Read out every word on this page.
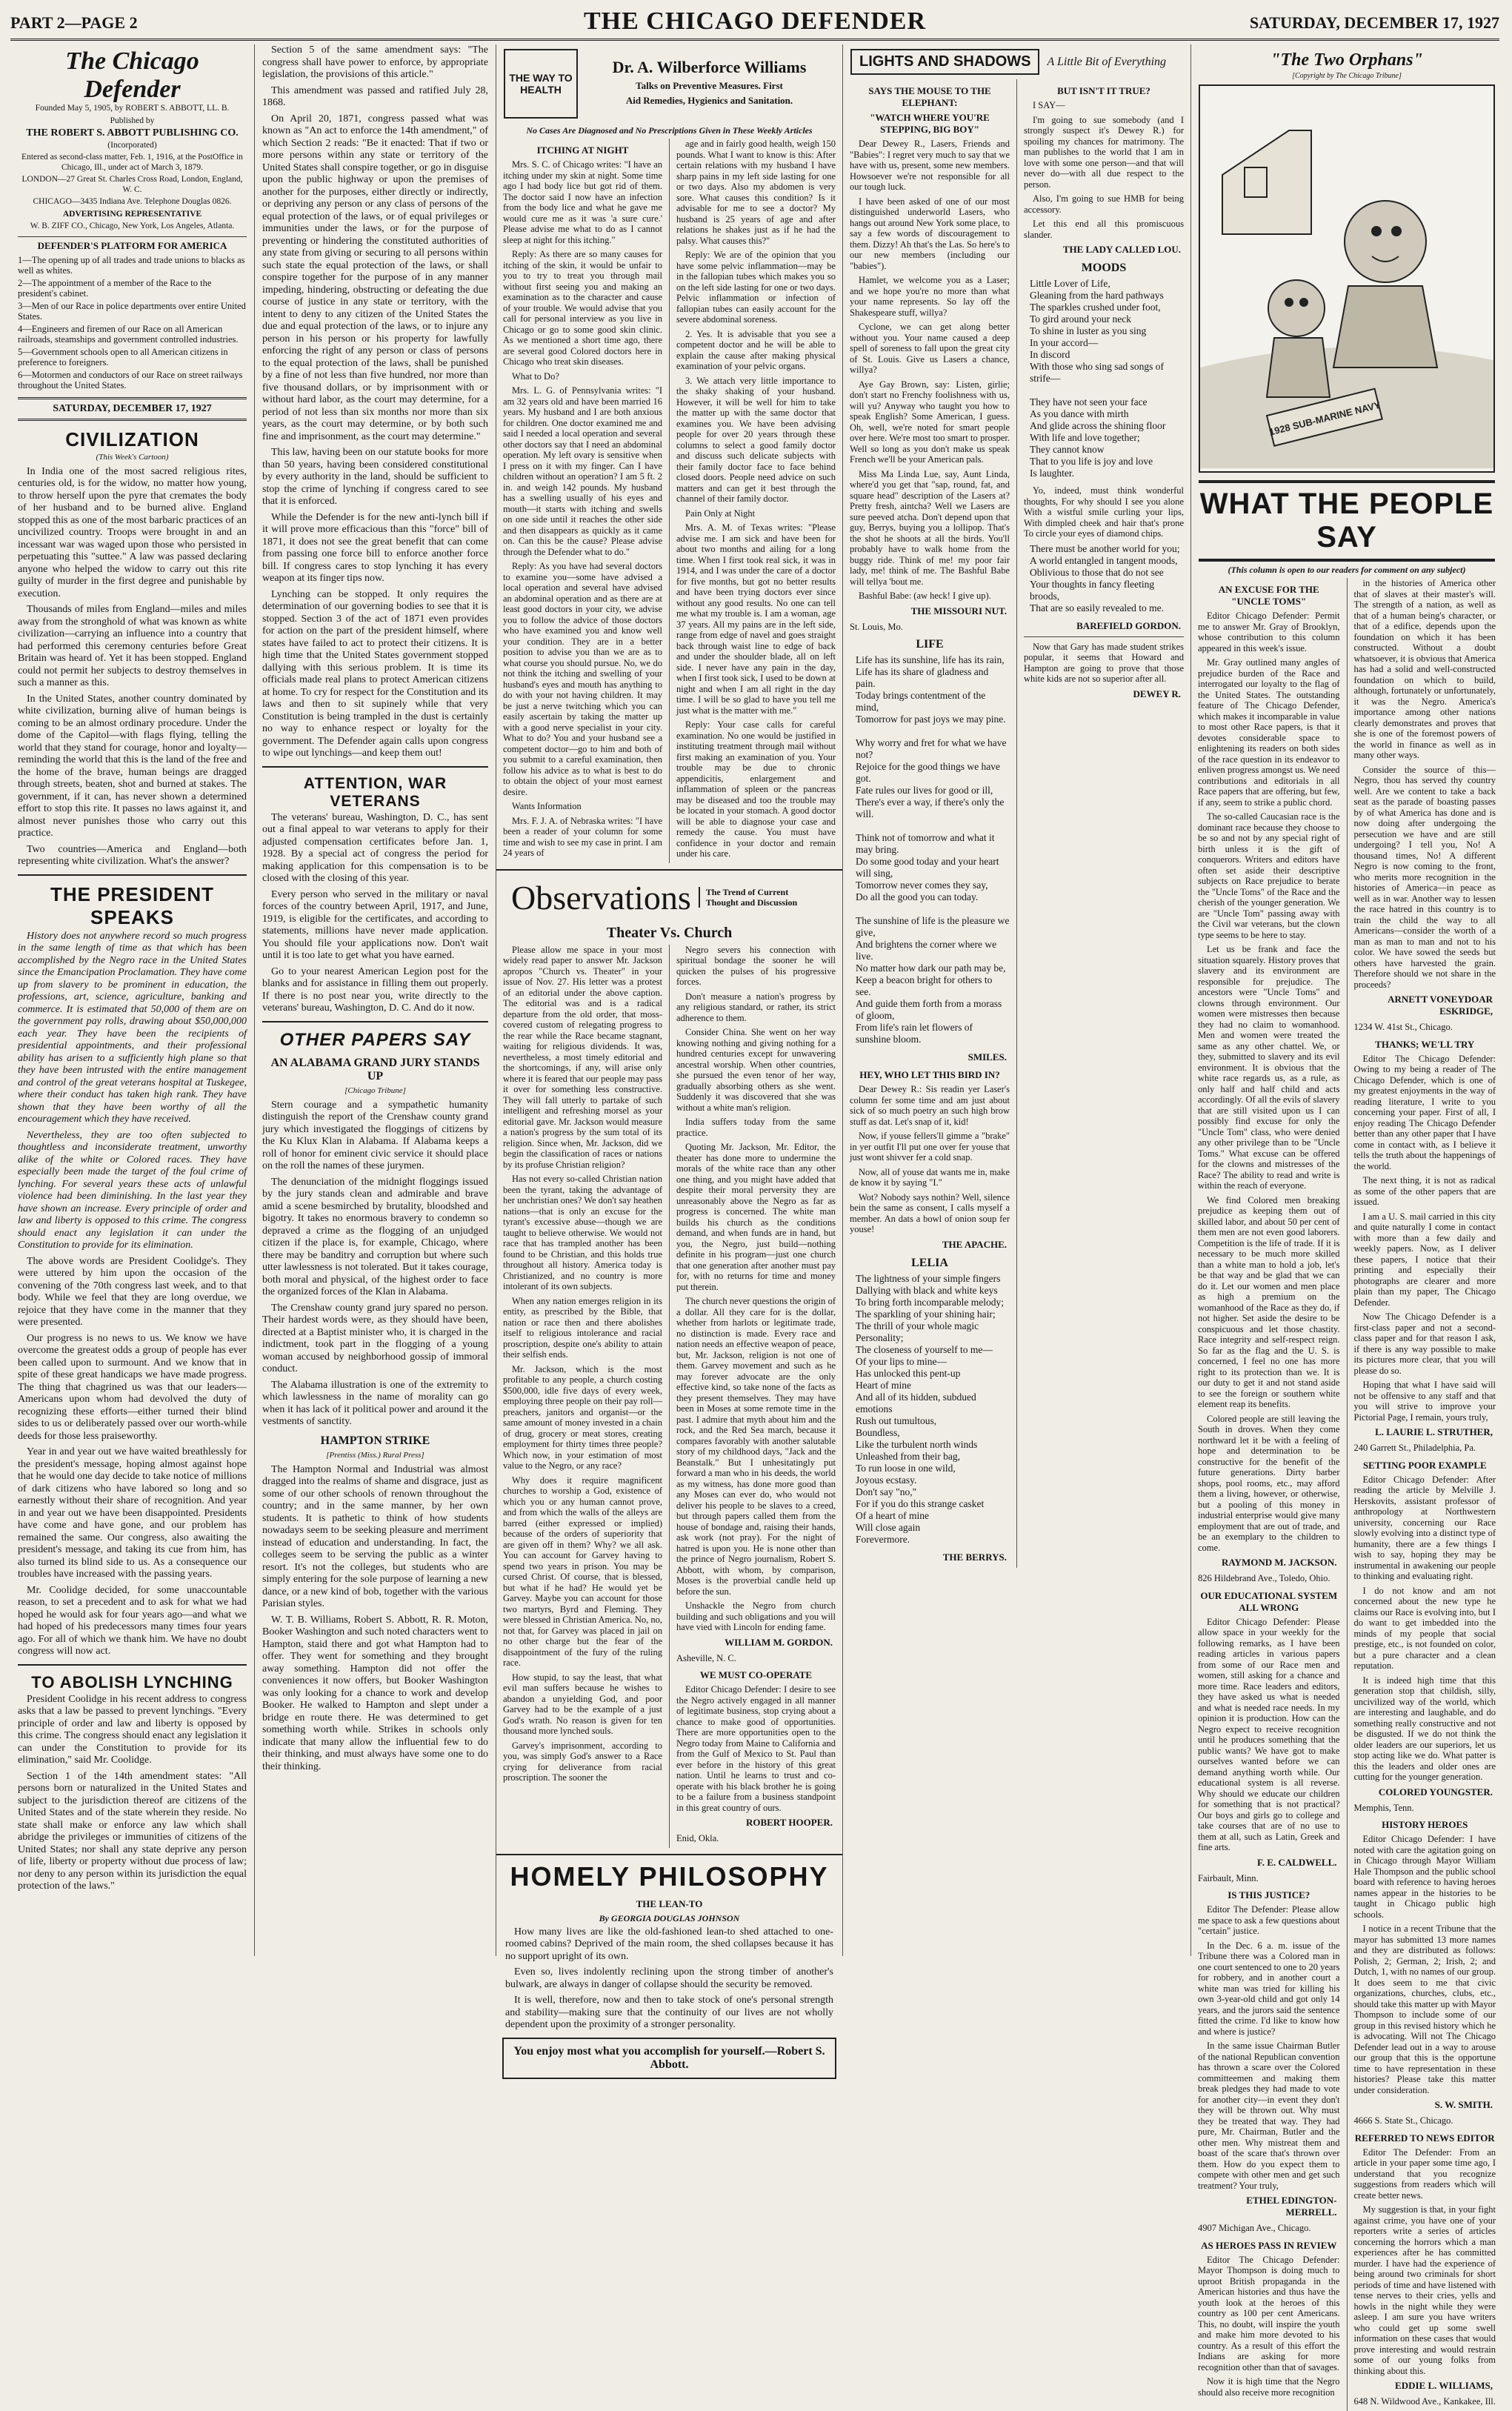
PART 2—PAGE 2	THE CHICAGO DEFENDER	SATURDAY, DECEMBER 17, 1927
The Chicago Defender

Founded May 5, 1905, by ROBERT S. ABBOTT, LL. B.

Published by

THE ROBERT S. ABBOTT PUBLISHING CO.

(Incorporated)

Entered as second-class matter, Feb. 1, 1916, at the PostOffice in Chicago, Ill., under act of March 3, 1879.

LONDON—27 Great St. Charles Cross Road, London, England, W. C.

CHICAGO—3435 Indiana Ave. Telephone Douglas 0826.

ADVERTISING REPRESENTATIVE

W. B. ZIFF CO., Chicago, New York, Los Angeles, Atlanta.

DEFENDER'S PLATFORM FOR AMERICA
1—The opening up of all trades and trade unions to blacks as well as whites.
2—The appointment of a member of the Race to the president's cabinet.
3—Men of our Race in police departments over entire United States.
4—Engineers and firemen of our Race on all American railroads, steamships and government controlled industries.
5—Government schools open to all American citizens in preference to foreigners.
6—Motormen and conductors of our Race on street railways throughout the United States.
SATURDAY, DECEMBER 17, 1927
CIVILIZATION
(This Week's Cartoon)

In India one of the most sacred religious rites, centuries old, is for the widow, no matter how young, to throw herself upon the pyre that cremates the body of her husband and to be burned alive. England stopped this as one of the most barbaric practices of an uncivilized country. Troops were brought in and an incessant war was waged upon those who persisted in perpetuating this "suttee." A law was passed declaring anyone who helped the widow to carry out this rite guilty of murder in the first degree and punishable by execution.

Thousands of miles from England—miles and miles away from the stronghold of what was known as white civilization—carrying an influence into a country that had performed this ceremony centuries before Great Britain was heard of. Yet it has been stopped. England could not permit her subjects to destroy themselves in such a manner as this.

In the United States, another country dominated by white civilization, burning alive of human beings is coming to be an almost ordinary procedure. Under the dome of the Capitol—with flags flying, telling the world that they stand for courage, honor and loyalty—reminding the world that this is the land of the free and the home of the brave, human beings are dragged through streets, beaten, shot and burned at stakes. The government, if it can, has never shown a determined effort to stop this rite. It passes no laws against it, and almost never punishes those who carry out this practice.

Two countries—America and England—both representing white civilization. What's the answer?

THE PRESIDENT SPEAKS

History does not anywhere record so much progress in the same length of time as that which has been accomplished by the Negro race in the United States since the Emancipation Proclamation. They have come up from slavery to be prominent in education, the professions, art, science, agriculture, banking and commerce. It is estimated that 50,000 of them are on the government pay rolls, drawing about $50,000,000 each year. They have been the recipients of presidential appointments, and their professional ability has arisen to a sufficiently high plane so that they have been intrusted with the entire management and control of the great veterans hospital at Tuskegee, where their conduct has taken high rank. They have shown that they have been worthy of all the encouragement which they have received.

Nevertheless, they are too often subjected to thoughtless and inconsiderate treatment, unworthy alike of the white or Colored races. They have especially been made the target of the foul crime of lynching. For several years these acts of unlawful violence had been diminishing. In the last year they have shown an increase. Every principle of order and law and liberty is opposed to this crime. The congress should enact any legislation it can under the Constitution to provide for its elimination.

The above words are President Coolidge's. They were uttered by him upon the occasion of the convening of the 70th congress last week, and to that body. While we feel that they are long overdue, we rejoice that they have come in the manner that they were presented.

Our progress is no news to us. We know we have overcome the greatest odds a group of people has ever been called upon to surmount. And we know that in spite of these great handicaps we have made progress. The thing that chagrined us was that our leaders—Americans upon whom had devolved the duty of recognizing these efforts—either turned their blind sides to us or deliberately passed over our worth-while deeds for those less praiseworthy.

Year in and year out we have waited breathlessly for the president's message, hoping almost against hope that he would one day decide to take notice of millions of dark citizens who have labored so long and so earnestly without their share of recognition. And year in and year out we have been disappointed. Presidents have come and have gone, and our problem has remained the same. Our congress, also awaiting the president's message, and taking its cue from him, has also turned its blind side to us. As a consequence our troubles have increased with the passing years.

Mr. Coolidge decided, for some unaccountable reason, to set a precedent and to ask for what we had hoped he would ask for four years ago—and what we had hoped of his predecessors many times four years ago. For all of which we thank him. We have no doubt congress will now act.

TO ABOLISH LYNCHING

President Coolidge in his recent address to congress asks that a law be passed to prevent lynchings. "Every principle of order and law and liberty is opposed by this crime. The congress should enact any legislation it can under the Constitution to provide for its elimination," said Mr. Coolidge.

Section 1 of the 14th amendment states: "All persons born or naturalized in the United States and subject to the jurisdiction thereof are citizens of the United States and of the state wherein they reside. No state shall make or enforce any law which shall abridge the privileges or immunities of citizens of the United States; nor shall any state deprive any person of life, liberty or property without due process of law; nor deny to any person within its jurisdiction the equal protection of the laws."

Section 5 of the same amendment says: "The congress shall have power to enforce, by appropriate legislation, the provisions of this article."

This amendment was passed and ratified July 28, 1868.

On April 20, 1871, congress passed what was known as "An act to enforce the 14th amendment," of which Section 2 reads: "Be it enacted: That if two or more persons within any state or territory of the United States shall conspire together, or go in disguise upon the public highway or upon the premises of another for the purposes, either directly or indirectly, or depriving any person or any class of persons of the equal protection of the laws, or of equal privileges or immunities under the laws, or for the purpose of preventing or hindering the constituted authorities of any state from giving or securing to all persons within such state the equal protection of the laws, or shall conspire together for the purpose of in any manner impeding, hindering, obstructing or defeating the due course of justice in any state or territory, with the intent to deny to any citizen of the United States the due and equal protection of the laws, or to injure any person in his person or his property for lawfully enforcing the right of any person or class of persons to the equal protection of the laws, shall be punished by a fine of not less than five hundred, nor more than five thousand dollars, or by imprisonment with or without hard labor, as the court may determine, for a period of not less than six months nor more than six years, as the court may determine, or by both such fine and imprisonment, as the court may determine."

This law, having been on our statute books for more than 50 years, having been considered constitutional by every authority in the land, should be sufficient to stop the crime of lynching if congress cared to see that it is enforced.

While the Defender is for the new anti-lynch bill if it will prove more efficacious than this "force" bill of 1871, it does not see the great benefit that can come from passing one force bill to enforce another force bill. If congress cares to stop lynching it has every weapon at its finger tips now.

Lynching can be stopped. It only requires the determination of our governing bodies to see that it is stopped. Section 3 of the act of 1871 even provides for action on the part of the president himself, where states have failed to act to protect their citizens. It is high time that the United States government stopped dallying with this serious problem. It is time its officials made real plans to protect American citizens at home. To cry for respect for the Constitution and its laws and then to sit supinely while that very Constitution is being trampled in the dust is certainly no way to enhance respect or loyalty for the government. The Defender again calls upon congress to wipe out lynchings—and keep them out!

ATTENTION, WAR VETERANS

The veterans' bureau, Washington, D. C., has sent out a final appeal to war veterans to apply for their adjusted compensation certificates before Jan. 1, 1928. By a special act of congress the period for making application for this compensation is to be closed with the closing of this year.

Every person who served in the military or naval forces of the country between April, 1917, and June, 1919, is eligible for the certificates, and according to statements, millions have never made application. You should file your applications now. Don't wait until it is too late to get what you have earned.

Go to your nearest American Legion post for the blanks and for assistance in filling them out properly. If there is no post near you, write directly to the veterans' bureau, Washington, D. C. And do it now.

OTHER PAPERS SAY
AN ALABAMA GRAND JURY STANDS UP
[Chicago Tribune]

Stern courage and a sympathetic humanity distinguish the report of the Crenshaw county grand jury which investigated the floggings of citizens by the Ku Klux Klan in Alabama. If Alabama keeps a roll of honor for eminent civic service it should place on the roll the names of these jurymen.

The denunciation of the midnight floggings issued by the jury stands clean and admirable and brave amid a scene besmirched by brutality, bloodshed and bigotry. It takes no enormous bravery to condemn so depraved a crime as the flogging of an unjudged citizen if the place is, for example, Chicago, where there may be banditry and corruption but where such utter lawlessness is not tolerated. But it takes courage, both moral and physical, of the highest order to face the organized forces of the Klan in Alabama.

The Crenshaw county grand jury spared no person. Their hardest words were, as they should have been, directed at a Baptist minister who, it is charged in the indictment, took part in the flogging of a young woman accused by neighborhood gossip of immoral conduct.

The Alabama illustration is one of the extremity to which lawlessness in the name of morality can go when it has lack of it political power and around it the vestments of sanctity.

HAMPTON STRIKE
[Prentiss (Miss.) Rural Press]

The Hampton Normal and Industrial was almost dragged into the realms of shame and disgrace, just as some of our other schools of renown throughout the country; and in the same manner, by her own students. It is pathetic to think of how students nowadays seem to be seeking pleasure and merriment instead of education and understanding. In fact, the colleges seem to be serving the public as a winter resort. It's not the colleges, but students who are simply entering for the sole purpose of learning a new dance, or a new kind of bob, together with the various Parisian styles.

W. T. B. Williams, Robert S. Abbott, R. R. Moton, Booker Washington and such noted characters went to Hampton, staid there and got what Hampton had to offer. They went for something and they brought away something. Hampton did not offer the conveniences it now offers, but Booker Washington was only looking for a chance to work and develop Booker. He walked to Hampton and slept under a bridge en route there. He was determined to get something worth while. Strikes in schools only indicate that many allow the influential few to do their thinking, and must always have some one to do their thinking.

THE WAY TO HEALTH
Dr. A. Wilberforce Williams
Talks on Preventive Measures. First
Aid Remedies, Hygienics and Sanitation.
No Cases Are Diagnosed and No Prescriptions Given in These Weekly Articles
ITCHING AT NIGHT

Mrs. S. C. of Chicago writes: "I have an itching under my skin at night. Some time ago I had body lice but got rid of them. The doctor said I now have an infection from the body lice and what he gave me would cure me as it was 'a sure cure.' Please advise me what to do as I cannot sleep at night for this itching."

Reply: As there are so many causes for itching of the skin, it would be unfair to you to try to treat you through mail without first seeing you and making an examination as to the character and cause of your trouble. We would advise that you call for personal interview as you live in Chicago or go to some good skin clinic. As we mentioned a short time ago, there are several good Colored doctors here in Chicago who treat skin diseases.

What to Do?

Mrs. L. G. of Pennsylvania writes: "I am 32 years old and have been married 16 years. My husband and I are both anxious for children. One doctor examined me and said I needed a local operation and several other doctors say that I need an abdominal operation. My left ovary is sensitive when I press on it with my finger. Can I have children without an operation? I am 5 ft. 2 in. and weigh 142 pounds. My husband has a swelling usually of his eyes and mouth—it starts with itching and swells on one side until it reaches the other side and then disappears as quickly as it came on. Can this be the cause? Please advise through the Defender what to do."

Reply: As you have had several doctors to examine you—some have advised a local operation and several have advised an abdominal operation and as there are at least good doctors in your city, we advise you to follow the advice of those doctors who have examined you and know well your condition. They are in a better position to advise you than we are as to what course you should pursue. No, we do not think the itching and swelling of your husband's eyes and mouth has anything to do with your not having children. It may be just a nerve twitching which you can easily ascertain by taking the matter up with a good nerve specialist in your city. What to do? You and your husband see a competent doctor—go to him and both of you submit to a careful examination, then follow his advice as to what is best to do to obtain the object of your most earnest desire.

Wants Information

Mrs. F. J. A. of Nebraska writes: "I have been a reader of your column for some time and wish to see my case in print. I am 24 years of

age and in fairly good health, weigh 150 pounds. What I want to know is this: After certain relations with my husband I have sharp pains in my left side lasting for one or two days. Also my abdomen is very sore. What causes this condition? Is it advisable for me to see a doctor? My husband is 25 years of age and after relations he shakes just as if he had the palsy. What causes this?"

Reply: We are of the opinion that you have some pelvic inflammation—may be in the fallopian tubes which makes you so on the left side lasting for one or two days. Pelvic inflammation or infection of fallopian tubes can easily account for the severe abdominal soreness.

2. Yes. It is advisable that you see a competent doctor and he will be able to explain the cause after making physical examination of your pelvic organs.

3. We attach very little importance to the shaky shaking of your husband. However, it will be well for him to take the matter up with the same doctor that examines you. We have been advising people for over 20 years through these columns to select a good family doctor and discuss such delicate subjects with their family doctor face to face behind closed doors. People need advice on such matters and can get it best through the channel of their family doctor.

Pain Only at Night

Mrs. A. M. of Texas writes: "Please advise me. I am sick and have been for about two months and ailing for a long time. When I first took real sick, it was in 1914, and I was under the care of a doctor for five months, but got no better results and have been trying doctors ever since without any good results. No one can tell me what my trouble is. I am a woman, age 37 years. All my pains are in the left side, range from edge of navel and goes straight back through waist line to edge of back and under the shoulder blade, all on left side. I never have any pain in the day, when I first took sick, I used to be down at night and when I am all right in the day time. I will be so glad to have you tell me just what is the matter with me."

Reply: Your case calls for careful examination. No one would be justified in instituting treatment through mail without first making an examination of you. Your trouble may be due to chronic appendicitis, enlargement and inflammation of spleen or the pancreas may be diseased and too the trouble may be located in your stomach. A good doctor will be able to diagnose your case and remedy the cause. You must have confidence in your doctor and remain under his care.

Observations	The Trend of Current
Thought and Discussion
Theater Vs. Church

Please allow me space in your most widely read paper to answer Mr. Jackson apropos "Church vs. Theater" in your issue of Nov. 27. His letter was a protest of an editorial under the above caption. The editorial was and is a radical departure from the old order, that moss-covered custom of relegating progress to the rear while the Race became stagnant, waiting for religious dividends. It was, nevertheless, a most timely editorial and the shortcomings, if any, will arise only where it is feared that our people may pass it over for something less constructive. They will fall utterly to partake of such intelligent and refreshing morsel as your editorial gave. Mr. Jackson would measure a nation's progress by the sum total of its religion. Since when, Mr. Jackson, did we begin the classification of races or nations by its profuse Christian religion?

Has not every so-called Christian nation been the tyrant, taking the advantage of her unchristian ones? We don't say heathen nations—that is only an excuse for the tyrant's excessive abuse—though we are taught to believe otherwise. We would not race that has trampled another has been found to be Christian, and this holds true throughout all history. America today is Christianized, and no country is more intolerant of its own subjects.

When any nation emerges religion in its entity, as prescribed by the Bible, that nation or race then and there abolishes itself to religious intolerance and racial proscription, despite one's ability to attain their selfish ends.

Mr. Jackson, which is the most profitable to any people, a church costing $500,000, idle five days of every week, employing three people on their pay roll—preachers, janitors and organist—or the same amount of money invested in a chain of drug, grocery or meat stores, creating employment for thirty times three people? Which now, in your estimation of most value to the Negro, or any race?

Why does it require magnificent churches to worship a God, existence of which you or any human cannot prove, and from which the walls of the alleys are barred (either expressed or implied) because of the orders of superiority that are given off in them? Why? we all ask. You can account for Garvey having to spend two years in prison. You may be cursed Christ. Of course, that is blessed, but what if he had? He would yet be Garvey. Maybe you can account for those two martyrs, Byrd and Fleming. They were blessed in Christian America. No, no, not that, for Garvey was placed in jail on no other charge but the fear of the disappointment of the fury of the ruling race.

How stupid, to say the least, that what evil man suffers because he wishes to abandon a unyielding God, and poor Garvey had to be the example of a just God's wrath. No reason is given for ten thousand more lynched souls.

Garvey's imprisonment, according to you, was simply God's answer to a Race crying for deliverance from racial proscription. The sooner the

Negro severs his connection with spiritual bondage the sooner he will quicken the pulses of his progressive forces.

Don't measure a nation's progress by any religious standard, or rather, its strict adherence to them.

Consider China. She went on her way knowing nothing and giving nothing for a hundred centuries except for unwavering ancestral worship. When other countries, she pursued the even tenor of her way, gradually absorbing others as she went. Suddenly it was discovered that she was without a white man's religion.

India suffers today from the same practice.

Quoting Mr. Jackson, Mr. Editor, the theater has done more to undermine the morals of the white race than any other one thing, and you might have added that despite their moral perversity they are unreasonably above the Negro as far as progress is concerned. The white man builds his church as the conditions demand, and when funds are in hand, but you, the Negro, just build—nothing definite in his program—just one church that one generation after another must pay for, with no returns for time and money put therein.

The church never questions the origin of a dollar. All they care for is the dollar, whether from harlots or legitimate trade, no distinction is made. Every race and nation needs an effective weapon of peace, but, Mr. Jackson, religion is not one of them. Garvey movement and such as he may forever advocate are the only effective kind, so take none of the facts as they present themselves. They may have been in Moses at some remote time in the past. I admire that myth about him and the rock, and the Red Sea march, because it compares favorably with another salutable story of my childhood days, "Jack and the Beanstalk." But I unhesitatingly put forward a man who in his deeds, the world as my witness, has done more good than any Moses can ever do, who would not deliver his people to be slaves to a creed, but through papers called them from the house of bondage and, raising their hands, ask work (not pray). For the night of hatred is upon you. He is none other than the prince of Negro journalism, Robert S. Abbott, with whom, by comparison, Moses is the proverbial candle held up before the sun.

Unshackle the Negro from church building and such obligations and you will have vied with Lincoln for ending fame.

WILLIAM M. GORDON.

Asheville, N. C.

WE MUST CO-OPERATE

Editor Chicago Defender: I desire to see the Negro actively engaged in all manner of legitimate business, stop crying about a chance to make good of opportunities. There are more opportunities open to the Negro today from Maine to California and from the Gulf of Mexico to St. Paul than ever before in the history of this great nation. Until he learns to trust and co-operate with his black brother he is going to be a failure from a business standpoint in this great country of ours.

ROBERT HOOPER.

Enid, Okla.

HOMELY PHILOSOPHY
THE LEAN-TO
By GEORGIA DOUGLAS JOHNSON

How many lives are like the old-fashioned lean-to shed attached to one-roomed cabins? Deprived of the main room, the shed collapses because it has no support upright of its own.

Even so, lives indolently reclining upon the strong timber of another's bulwark, are always in danger of collapse should the security be removed.

It is well, therefore, now and then to take stock of one's personal strength and stability—making sure that the continuity of our lives are not wholly dependent upon the proximity of a stronger personality.

You enjoy most what you accomplish for yourself.—Robert S. Abbott.
LIGHTS AND SHADOWS	A Little Bit of Everything
SAYS THE MOUSE TO THE ELEPHANT:
"WATCH WHERE YOU'RE STEPPING, BIG BOY"

Dear Dewey R., Lasers, Friends and "Babies": I regret very much to say that we have with us, present, some new members. Howsoever we're not responsible for all our tough luck.

I have been asked of one of our most distinguished underworld Lasers, who hangs out around New York some place, to say a few words of discouragement to them. Dizzy! Ah that's the Las. So here's to our new members (including our "babies").

Hamlet, we welcome you as a Laser; and we hope you're no more than what your name represents. So lay off the Shakespeare stuff, willya?

Cyclone, we can get along better without you. Your name caused a deep spell of soreness to fall upon the great city of St. Louis. Give us Lasers a chance, willya?

Aye Gay Brown, say: Listen, girlie; don't start no Frenchy foolishness with us, will yu? Anyway who taught you how to speak English? Some American, I guess. Oh, well, we're noted for smart people over here. We're most too smart to prosper. Well so long as you don't make us speak French we'll be your American pals.

Miss Ma Linda Lue, say, Aunt Linda, where'd you get that "sap, round, fat, and square head" description of the Lasers at? Pretty fresh, aintcha? Well we Lasers are sure peeved atcha. Don't depend upon that guy, Berrys, buying you a lollipop. That's the shot he shoots at all the birds. You'll probably have to walk home from the buggy ride. Think of me! my poor fair lady, me! think of me. The Bashful Babe will tellya 'bout me.

Bashful Babe: (aw heck! I give up).

THE MISSOURI NUT.

St. Louis, Mo.

LIFE
Life has its sunshine, life has its rain,
Life has its share of gladness and pain.
Today brings contentment of the mind,
Tomorrow for past joys we may pine.

Why worry and fret for what we have not?
Rejoice for the good things we have got.
Fate rules our lives for good or ill,
There's ever a way, if there's only the will.

Think not of tomorrow and what it may bring.
Do some good today and your heart will sing,
Tomorrow never comes they say,
Do all the good you can today.

The sunshine of life is the pleasure we give,
And brightens the corner where we live.
No matter how dark our path may be,
Keep a beacon bright for others to see.
And guide them forth from a morass of gloom,
From life's rain let flowers of sunshine bloom.
SMILES.
HEY, WHO LET THIS BIRD IN?

Dear Dewey R.: Sis readin yer Laser's column fer some time and am just about sick of so much poetry an such high brow stuff as dat. Let's snap of it, kid!

Now, if youse fellers'll gimme a "brake" in yer outfit I'll put one over fer youse that just wont shivver fer a cold snap.

Now, all of youse dat wants me in, make de know it by saying "I."

Wot? Nobody says nothin? Well, silence bein the same as consent, I calls myself a member. An dats a bowl of onion soup fer youse!

THE APACHE.
LELIA
The lightness of your simple fingers
Dallying with black and white keys
To bring forth incomparable melody;
The sparkling of your shining hair;
The thrill of your whole magic
Personality;
The closeness of yourself to me—
Of your lips to mine—
Has unlocked this pent-up
Heart of mine
And all of its hidden, subdued emotions
Rush out tumultous,
Boundless,
Like the turbulent north winds
Unleashed from their bag,
To run loose in one wild,
Joyous ecstasy.
Don't say "no,"
For if you do this strange casket
Of a heart of mine
Will close again
Forevermore.
THE BERRYS.
BUT ISN'T IT TRUE?

I SAY—

I'm going to sue somebody (and I strongly suspect it's Dewey R.) for spoiling my chances for matrimony. The man publishes to the world that I am in love with some one person—and that will never do—with all due respect to the person.

Also, I'm going to sue HMB for being accessory.

Let this end all this promiscuous slander.

THE LADY CALLED LOU.
MOODS
Little Lover of Life,
Gleaning from the hard pathways
The sparkles crushed under foot,
To gird around your neck
To shine in luster as you sing
In your accord—
In discord
With those who sing sad songs of strife—

They have not seen your face
As you dance with mirth
And glide across the shining floor
With life and love together;
They cannot know
That to you life is joy and love
Is laughter.

Yo, indeed, must think wonderful thoughts, For why should I see you alone With a wistful smile curling your lips, With dimpled cheek and hair that's prone To circle your eyes of diamond chips.

There must be another world for you;
A world entangled in tangent moods,
Oblivious to those that do not see
Your thoughts in fancy fleeting broods,
That are so easily revealed to me.
BAREFIELD GORDON.

Now that Gary has made student strikes popular, it seems that Howard and Hampton are going to prove that those white kids are not so superior after all.

DEWEY R.
"The Two Orphans"
[Copyright by The Chicago Tribune]
1928 SUB-MARINE NAVY
WHAT THE PEOPLE SAY
(This column is open to our readers for comment on any subject)
AN EXCUSE FOR THE "UNCLE TOMS"

Editor Chicago Defender: Permit me to answer Mr. Gray of Brooklyn, whose contribution to this column appeared in this week's issue.

Mr. Gray outlined many angles of prejudice burden of the Race and interrogated our loyalty to the flag of the United States. The outstanding feature of The Chicago Defender, which makes it incomparable in value to most other Race papers, is that it devotes considerable space to enlightening its readers on both sides of the race question in its endeavor to enliven progress amongst us. We need contributions and editorials in all Race papers that are offering, but few, if any, seem to strike a public chord.

The so-called Caucasian race is the dominant race because they choose to be so and not by any special right of birth unless it is the gift of conquerors. Writers and editors have often set aside their descriptive subjects on Race prejudice to berate the "Uncle Toms" of the Race and the cherish of the younger generation. We are "Uncle Tom" passing away with the Civil war veterans, but the clown type seems to be here to stay.

Let us be frank and face the situation squarely. History proves that slavery and its environment are responsible for prejudice. The ancestors were "Uncle Toms" and clowns through environment. Our women were mistresses then because they had no claim to womanhood. Men and women were treated the same as any other chattel. We, or they, submitted to slavery and its evil environment. It is obvious that the white race regards us, as a rule, as only half and half child and acts accordingly. Of all the evils of slavery that are still visited upon us I can possibly find excuse for only the "Uncle Tom" class, who were denied any other privilege than to be "Uncle Toms." What excuse can be offered for the clowns and mistresses of the Race? The ability to read and write is within the reach of everyone.

We find Colored men breaking prejudice as keeping them out of skilled labor, and about 50 per cent of them men are not even good laborers. Competition is the life of trade. If it is necessary to be much more skilled than a white man to hold a job, let's be that way and be glad that we can do it. Let our women and men place as high a premium on the womanhood of the Race as they do, if not higher. Set aside the desire to be conspicuous and let those chastity. Race integrity and self-respect reign. So far as the flag and the U. S. is concerned, I feel no one has more right to its protection than we. It is our duty to get it and not stand aside to see the foreign or southern white element reap its benefits.

Colored people are still leaving the South in droves. When they come northward let it be with a feeling of hope and determination to be constructive for the benefit of the future generations. Dirty barber shops, pool rooms, etc., may afford them a living, however, or otherwise, but a pooling of this money in industrial enterprise would give many employment that are out of trade, and be an exemplary to the children to come.

RAYMOND M. JACKSON.

826 Hildebrand Ave., Toledo, Ohio.

OUR EDUCATIONAL SYSTEM ALL WRONG

Editor Chicago Defender: Please allow space in your weekly for the following remarks, as I have been reading articles in various papers from some of our Race men and women, still asking for a chance and more time. Race leaders and editors, they have asked us what is needed and what is needed race needs. In my opinion it is production. How can the Negro expect to receive recognition until he produces something that the public wants? We have got to make ourselves wanted before we can demand anything worth while. Our educational system is all reverse. Why should we educate our children for something that is not practical? Our boys and girls go to college and take courses that are of no use to them at all, such as Latin, Greek and fine arts.

F. E. CALDWELL.

Fairbault, Minn.

IS THIS JUSTICE?

Editor The Defender: Please allow me space to ask a few questions about "certain" justice.

In the Dec. 6 a. m. issue of the Tribune there was a Colored man in one court sentenced to one to 20 years for robbery, and in another court a white man was tried for killing his own 3-year-old child and got only 14 years, and the jurors said the sentence fitted the crime. I'd like to know how and where is justice?

In the same issue Chairman Butler of the national Republican convention has thrown a scare over the Colored committeemen and making them break pledges they had made to vote for another city—in event they don't they will be thrown out. Why must they be treated that way. They had pure, Mr. Chairman, Butler and the other men. Why mistreat them and boast of the scare that's thrown over them. How do you expect them to compete with other men and get such treatment? Your truly,

ETHEL EDINGTON-MERRELL.

4907 Michigan Ave., Chicago.

AS HEROES PASS IN REVIEW

Editor The Chicago Defender: Mayor Thompson is doing much to uproot British propaganda in the American histories and thus have the youth look at the heroes of this country as 100 per cent Americans. This, no doubt, will inspire the youth and make him more devoted to his country. As a result of this effort the Indians are asking for more recognition other than that of savages.

Now it is high time that the Negro should also receive more recognition

in the histories of America other that of slaves at their master's will. The strength of a nation, as well as that of a human being's character, or that of a edifice, depends upon the foundation on which it has been constructed. Without a doubt whatsoever, it is obvious that America has had a solid and well-constructed foundation on which to build, although, fortunately or unfortunately, it was the Negro. America's importance among other nations clearly demonstrates and proves that she is one of the foremost powers of the world in finance as well as in many other ways.

Consider the source of this—Negro, thou has served thy country well. Are we content to take a back seat as the parade of boasting passes by of what America has done and is now doing after undergoing the persecution we have and are still undergoing? I tell you, No! A thousand times, No! A different Negro is now coming to the front, who merits more recognition in the histories of America—in peace as well as in war. Another way to lessen the race hatred in this country is to train the child the way to all Americans—consider the worth of a man as man to man and not to his color. We have sowed the seeds but others have harvested the grain. Therefore should we not share in the proceeds?

ARNETT VONEYDOAR ESKRIDGE,

1234 W. 41st St., Chicago.

THANKS; WE'LL TRY

Editor The Chicago Defender: Owing to my being a reader of The Chicago Defender, which is one of my greatest enjoyments in the way of reading literature, I write to you concerning your paper. First of all, I enjoy reading The Chicago Defender better than any other paper that I have come in contact with, as I believe it tells the truth about the happenings of the world.

The next thing, it is not as radical as some of the other papers that are issued.

I am a U. S. mail carried in this city and quite naturally I come in contact with more than a few daily and weekly papers. Now, as I deliver these papers, I notice that their printing and especially their photographs are clearer and more plain than my paper, The Chicago Defender.

Now The Chicago Defender is a first-class paper and not a second-class paper and for that reason I ask, if there is any way possible to make its pictures more clear, that you will please do so.

Hoping that what I have said will not be offensive to any staff and that you will strive to improve your Pictorial Page, I remain, yours truly,

L. LAURIE L. STRUTHER,

240 Garrett St., Philadelphia, Pa.

SETTING POOR EXAMPLE

Editor Chicago Defender: After reading the article by Melville J. Herskovits, assistant professor of anthropology at Northwestern university, concerning our Race slowly evolving into a distinct type of humanity, there are a few things I wish to say, hoping they may be instrumental in awakening our people to thinking and evaluating right.

I do not know and am not concerned about the new type he claims our Race is evolving into, but I do want to get imbedded into the minds of my people that social prestige, etc., is not founded on color, but a pure character and a clean reputation.

It is indeed high time that this generation stop that childish, silly, uncivilized way of the world, which are interesting and laughable, and do something really constructive and not be disgusted. If we do not think the older leaders are our superiors, let us stop acting like we do. What patter is this the leaders and older ones are cutting for the younger generation.

COLORED YOUNGSTER.

Memphis, Tenn.

HISTORY HEROES

Editor Chicago Defender: I have noted with care the agitation going on in Chicago through Mayor William Hale Thompson and the public school board with reference to having heroes names appear in the histories to be taught in Chicago public high schools.

I notice in a recent Tribune that the mayor has submitted 13 more names and they are distributed as follows: Polish, 2; German, 2; Irish, 2; and Dutch, 1, with no names of our group. It does seem to me that civic organizations, churches, clubs, etc., should take this matter up with Mayor Thompson to include some of our group in this revised history which he is advocating. Will not The Chicago Defender lead out in a way to arouse our group that this is the opportune time to have representation in these histories? Please take this matter under consideration.

S. W. SMITH.

4666 S. State St., Chicago.

REFERRED TO NEWS EDITOR

Editor The Defender: From an article in your paper some time ago, I understand that you recognize suggestions from readers which will create better news.

My suggestion is that, in your fight against crime, you have one of your reporters write a series of articles concerning the horrors which a man experiences after he has committed murder. I have had the experience of being around two criminals for short periods of time and have listened with tense nerves to their cries, yells and howls in the night while they were asleep. I am sure you have writers who could get up some swell information on these cases that would prove interesting and would restrain some of our young folks from thinking about this.

EDDIE L. WILLIAMS,

648 N. Wildwood Ave., Kankakee, Ill.
